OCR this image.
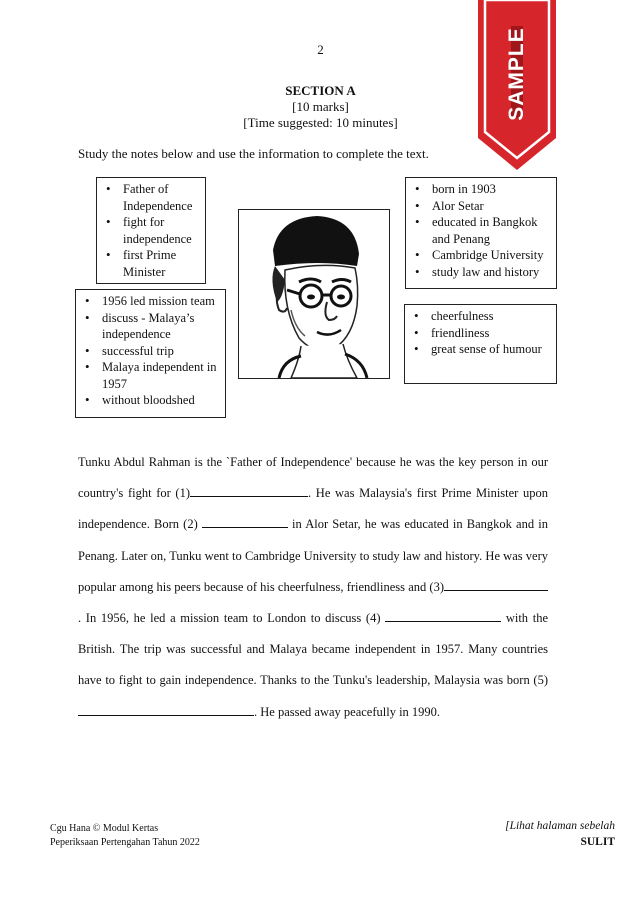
2
SECTION A
[10 marks]
[Time suggested: 10 minutes]
Study the notes below and use the information to complete the text.
• Father of Independence
• fight for independence
• first Prime Minister
• 1956 led mission team
• discuss - Malaya’s independence
• successful trip
• Malaya independent in 1957
• without bloodshed
• born in 1903
• Alor Setar
• educated in Bangkok and Penang
• Cambridge University
• study law and history
• cheerfulness
• friendliness
• great sense of humour
Tunku Abdul Rahman is the `Father of Independence' because he was the key person in our country's fight for (1)	. He was Malaysia's first Prime Minister upon independence. Born (2)	in Alor Setar, he was educated in Bangkok and in Penang. Later on, Tunku went to Cambridge University to study law and history. He was very popular among his peers because of his cheerfulness, friendliness and (3). In 1956, he led a mission team to London to discuss (4)	with the British. The trip was successful and Malaya became independent in 1957. Many countries have to fight to gain independence. Thanks to the Tunku's leadership, Malaysia was born (5) . He passed away peacefully in 1990.
Cgu Hana © Modul Kertas
Peperiksaan Pertengahan Tahun 2022
[Lihat halaman sebelah
SULIT
SAMPLE
